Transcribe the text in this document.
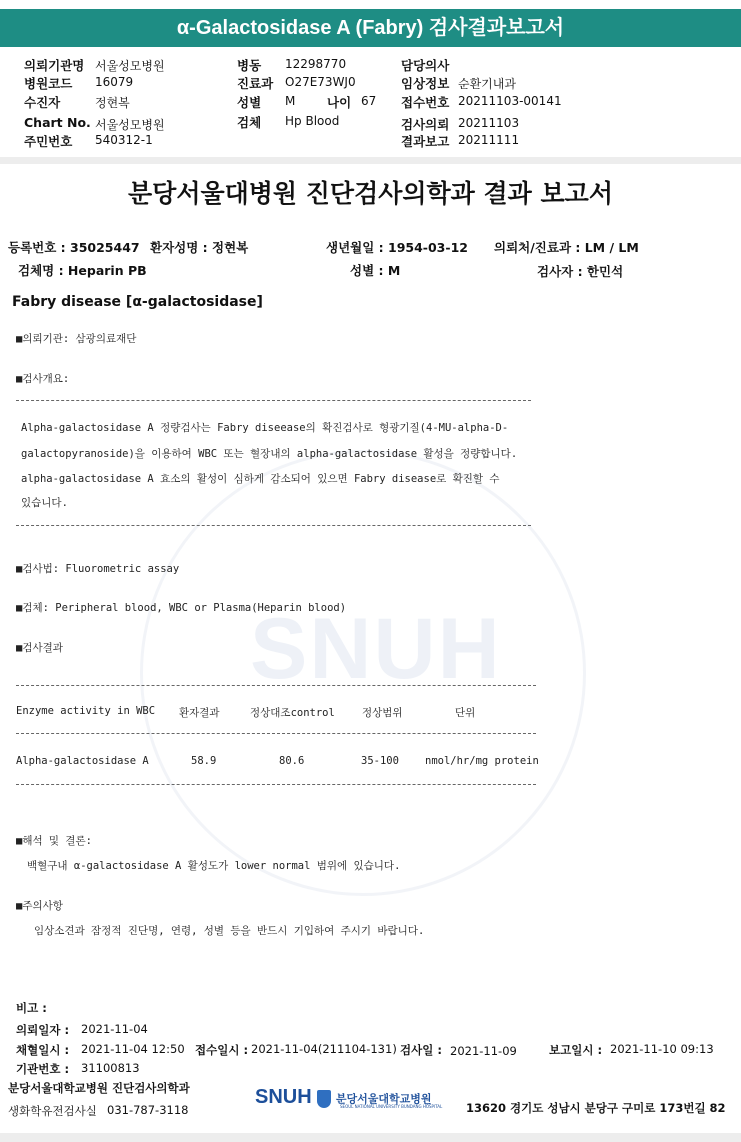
α-Galactosidase A (Fabry) 검사결과보고서
의뢰기관명 서울성모병원
병원코드 16079
수진자	정현복
Chart No. 서울성모병원
주민번호 540312-1
병동 12298770
진료과 O27E73WJ0
성별 M	나이 67
검체 Hp Blood
담당의사
임상정보 순환기내과
접수번호 20211103-00141
검사의뢰 20211103
결과보고 20211111
SNUH
분당서울대병원 진단검사의학과 결과 보고서
등록번호 : 35025447 환자성명 : 정현복	생년월일 : 1954-03-12 의뢰처/진료과 : LM / LM
검체명 : Heparin PB	성별 : M	검사자 : 한민석
Fabry disease [α-galactosidase]
■의뢰기관: 삼광의료재단
■검사개요:
Alpha-galactosidase A 정량검사는 Fabry diseease의 확진검사로 형광기질(4-MU-alpha-D-
galactopyranoside)을 이용하여 WBC 또는 혈장내의 alpha-galactosidase 활성을 정량합니다.
alpha-galactosidase A 효소의 활성이 심하게 감소되어 있으면 Fabry disease로 확진할 수
있습니다.
■검사법: Fluorometric assay
■검체: Peripheral blood, WBC or Plasma(Heparin blood)
■검사결과
Enzyme activity in WBC 환자결과	정상대조control	정상범위	단위
Alpha-galactosidase A	58.9	80.6	35-100 nmol/hr/mg protein
■해석 및 결론:
백혈구내 α-galactosidase A 활성도가 lower normal 범위에 있습니다.
■주의사항
임상소견과 잠정적 진단명, 연령, 성별 등을 반드시 기입하여 주시기 바랍니다.
비고 :
의뢰일자 : 2021-11-04
채혈일시 : 2021-11-04 12:50 접수일시 : 2021-11-04(211104-131) 검사일 : 2021-11-09	보고일시 : 2021-11-10 09:13
기관번호 : 31100813
분당서울대학교병원 진단검사의학과
생화학유전검사실 031-787-3118
SNUH 분당서울대학교병원
SEOUL NATIONAL UNIVERSITY BUNDANG HOSPITAL 13620 경기도 성남시 분당구 구미로 173번길 82
